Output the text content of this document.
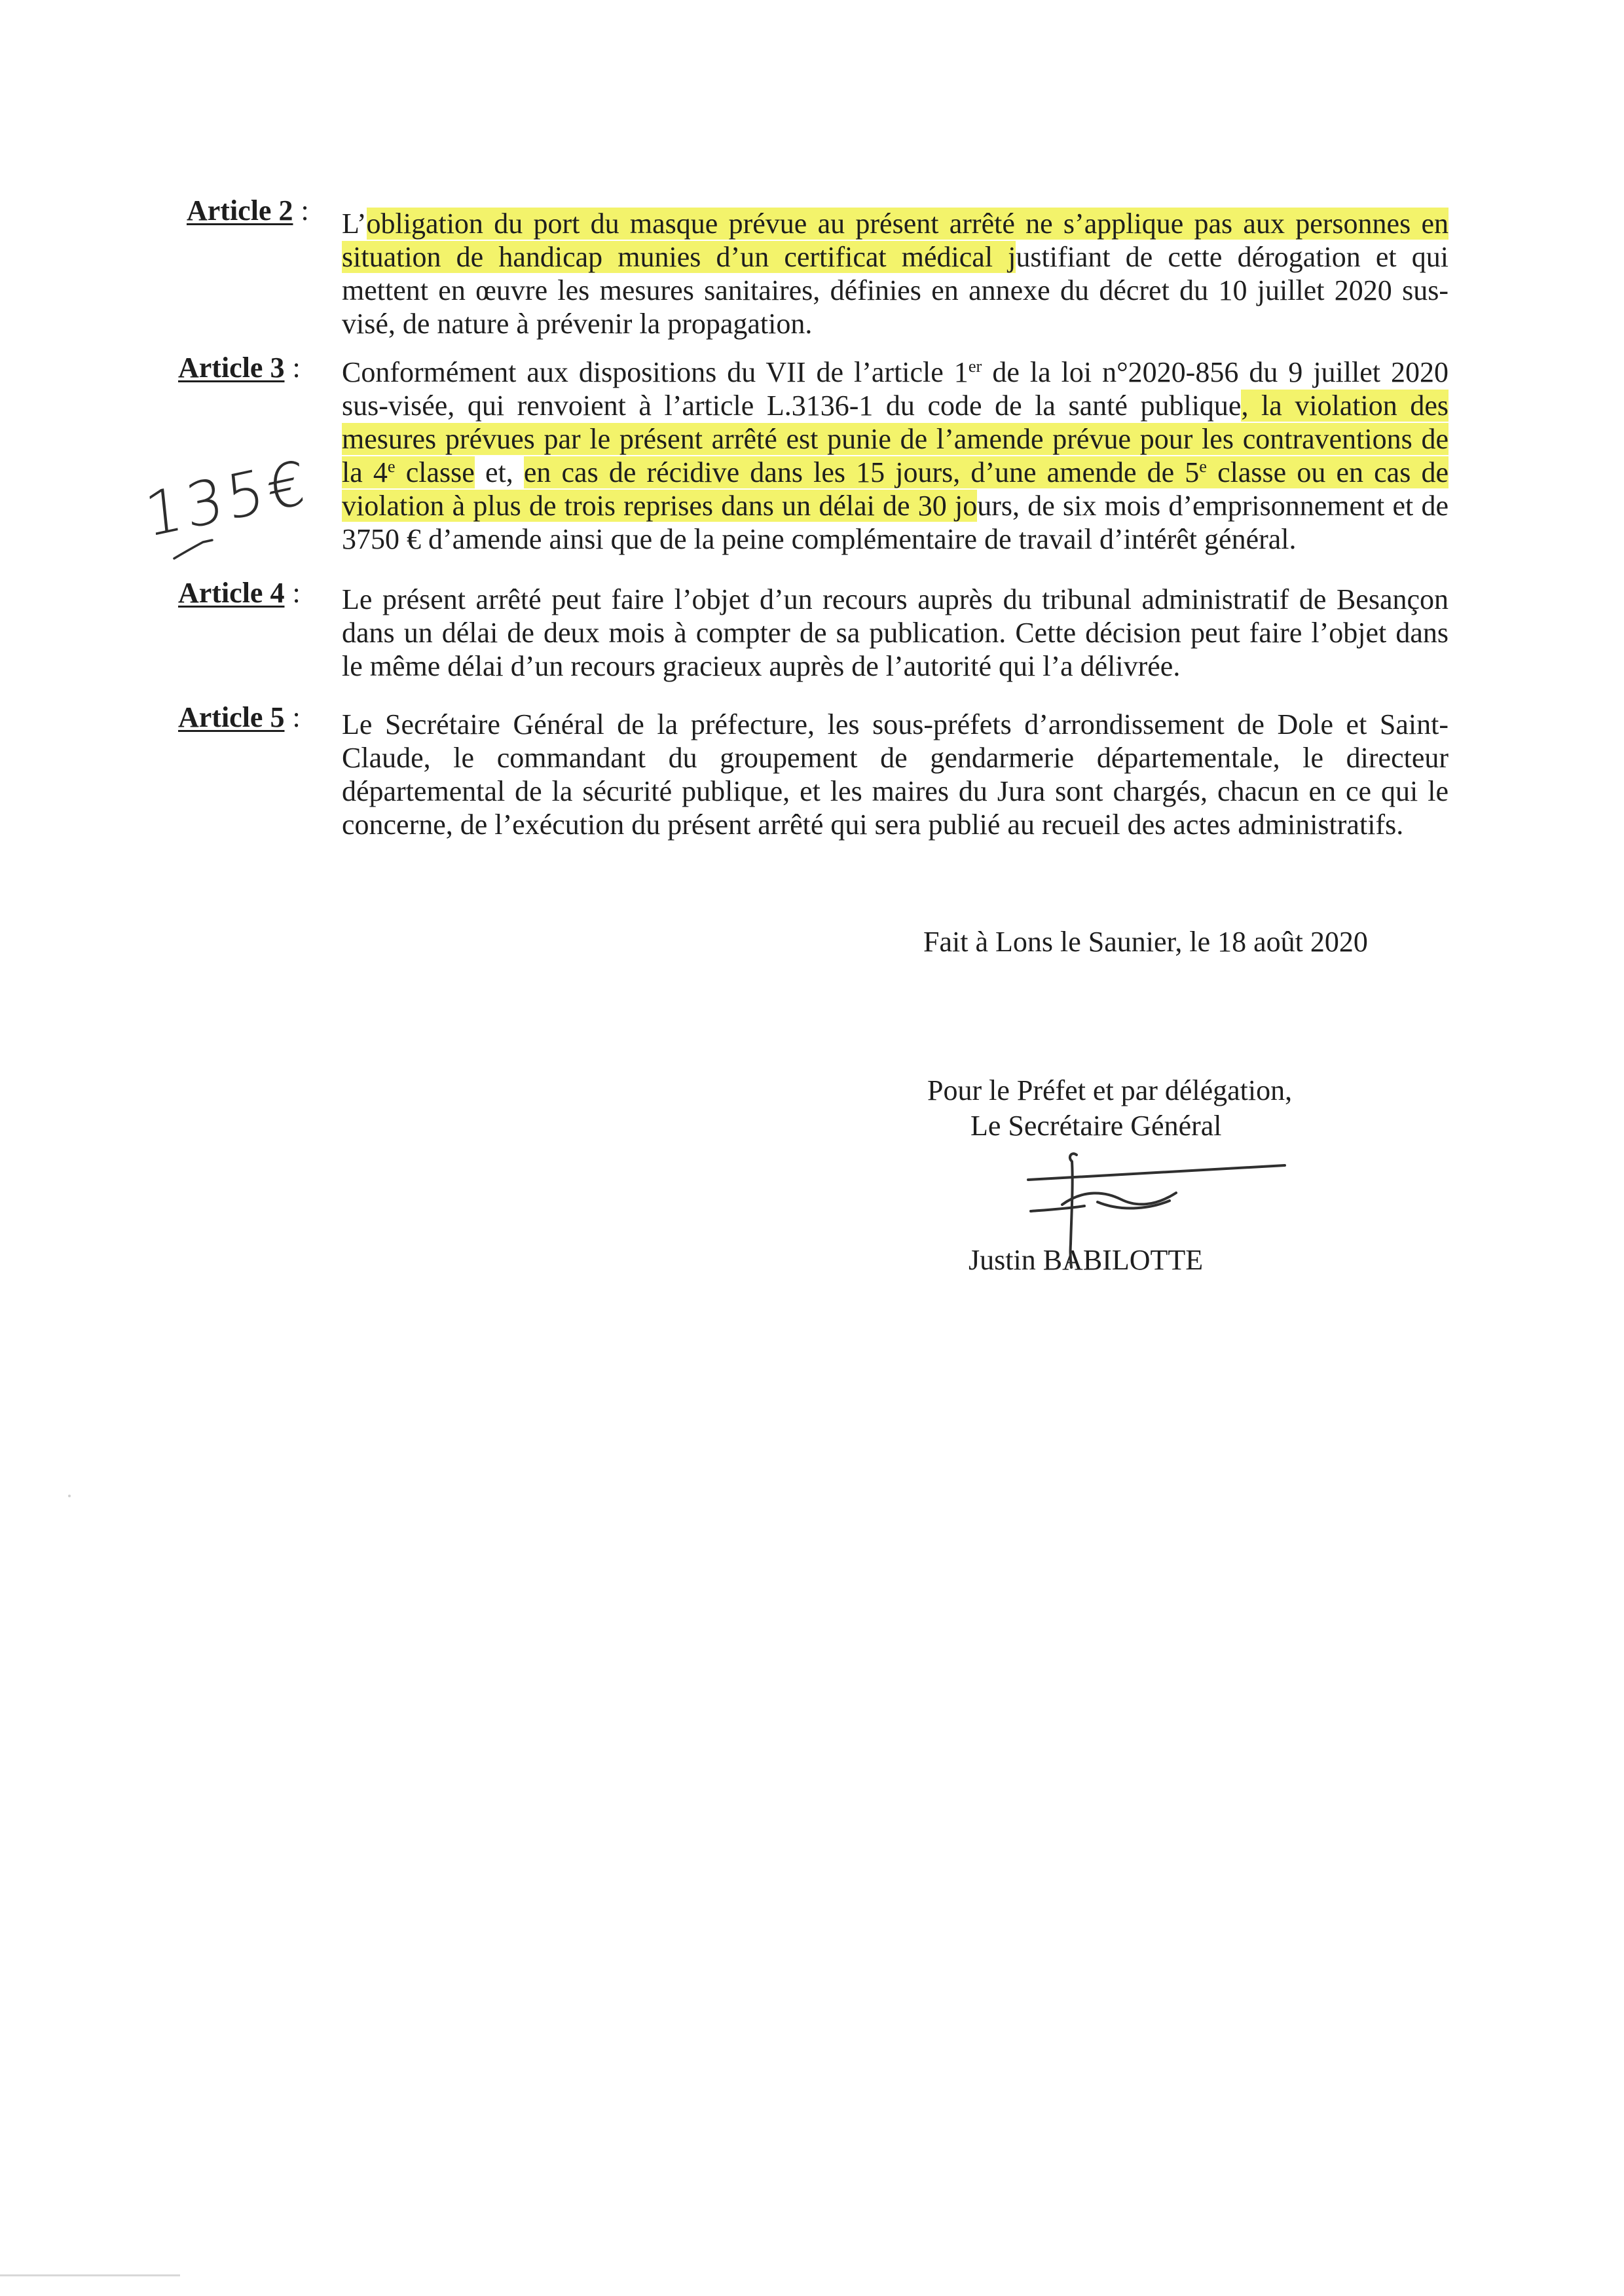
Article 2 : L’obligation du port du masque prévue au présent arrêté ne s’applique pas aux personnes en
situation de handicap munies d’un certificat médical justifiant de cette dérogation et qui
mettent en œuvre les mesures sanitaires, définies en annexe du décret du 10 juillet 2020 sus-
visé, de nature à prévenir la propagation.
Article 3 : Conformément aux dispositions du VII de l’article 1er de la loi n°2020-856 du 9 juillet 2020
sus-visée, qui renvoient à l’article L.3136-1 du code de la santé publique, la violation des
mesures prévues par le présent arrêté est punie de l’amende prévue pour les contraventions de
la 4e classe et, en cas de récidive dans les 15 jours, d’une amende de 5e classe ou en cas de
violation à plus de trois reprises dans un délai de 30 jours, de six mois d’emprisonnement et de
3750 € d’amende ainsi que de la peine complémentaire de travail d’intérêt général.
Article 4 : Le présent arrêté peut faire l’objet d’un recours auprès du tribunal administratif de Besançon
dans un délai de deux mois à compter de sa publication. Cette décision peut faire l’objet dans
le même délai d’un recours gracieux auprès de l’autorité qui l’a délivrée.
Article 5 : Le Secrétaire Général de la préfecture, les sous-préfets d’arrondissement de Dole et Saint-
Claude, le commandant du groupement de gendarmerie départementale, le directeur
départemental de la sécurité publique, et les maires du Jura sont chargés, chacun en ce qui le
concerne, de l’exécution du présent arrêté qui sera publié au recueil des actes administratifs.
135€
Fait à Lons le Saunier, le 18 août 2020
Pour le Préfet et par délégation,
Le Secrétaire Général
Justin BABILOTTE
